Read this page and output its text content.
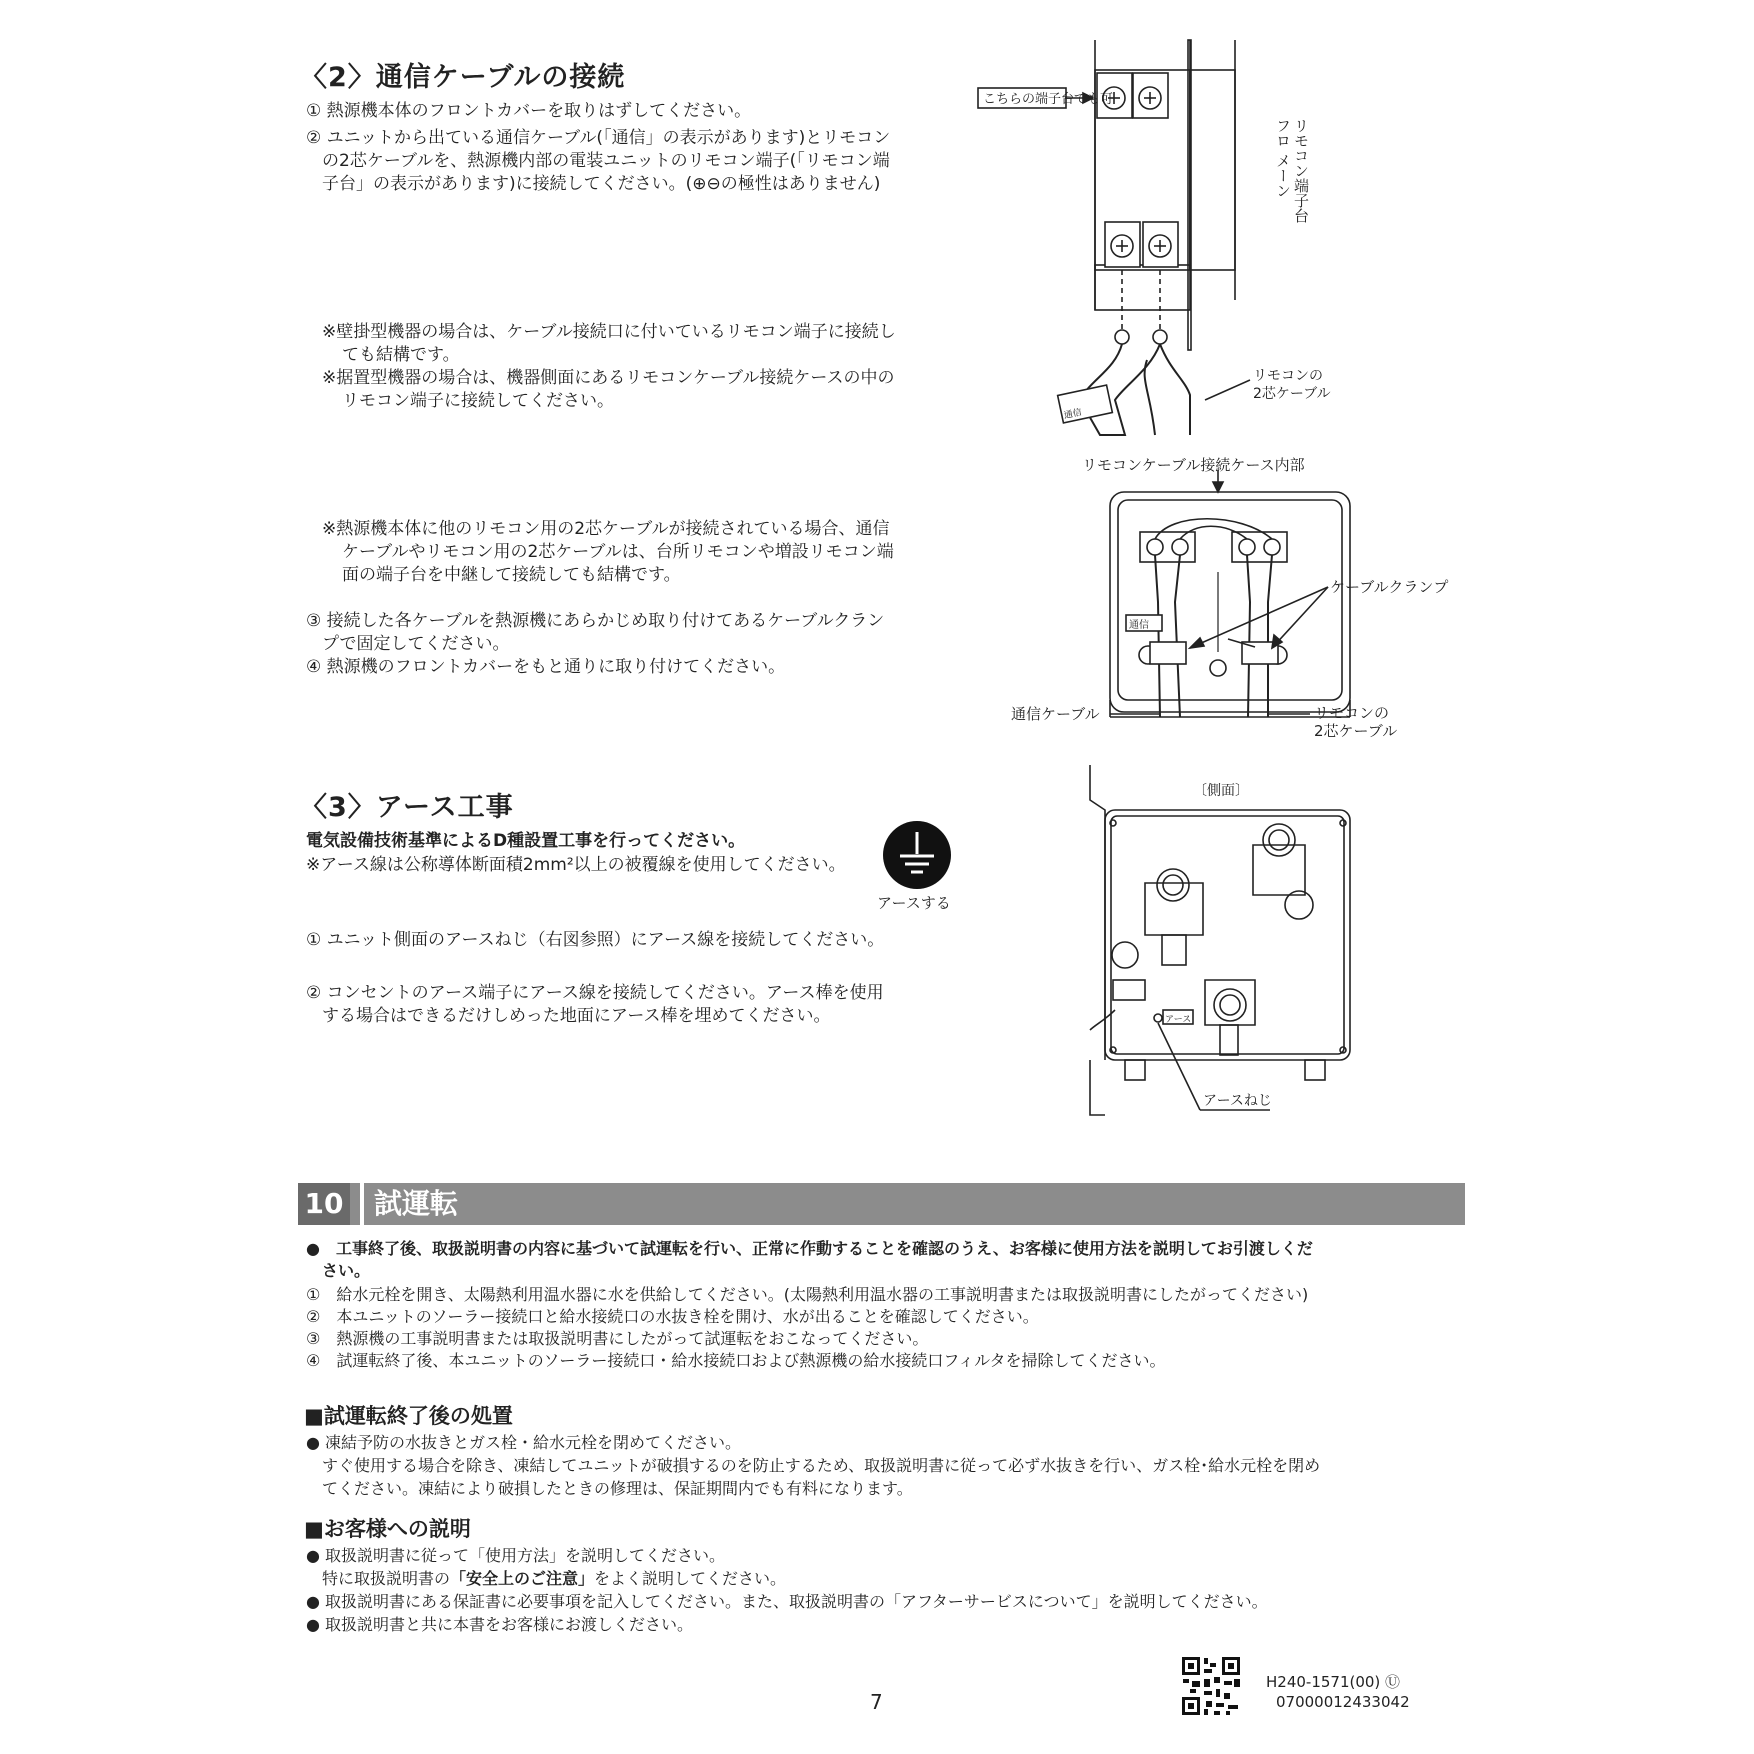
〈2〉通信ケーブルの接続
① 熱源機本体のフロントカバーを取りはずしてください。
② ユニットから出ている通信ケーブル(「通信」の表示があります)とリモコン
の2芯ケーブルを、熱源機内部の電装ユニットのリモコン端子(「リモコン端
子台」の表示があります)に接続してください。(⊕⊖の極性はありません)
※壁掛型機器の場合は、ケーブル接続口に付いているリモコン端子に接続し
ても結構です。
※据置型機器の場合は、機器側面にあるリモコンケーブル接続ケースの中の
リモコン端子に接続してください。
※熱源機本体に他のリモコン用の2芯ケーブルが接続されている場合、通信
ケーブルやリモコン用の2芯ケーブルは、台所リモコンや増設リモコン端
面の端子台を中継して接続しても結構です。
③ 接続した各ケーブルを熱源機にあらかじめ取り付けてあるケーブルクラン
プで固定してください。
④ 熱源機のフロントカバーをもと通りに取り付けてください。
こちらの端子台でも可
通信
リモコンの
2芯ケーブル
リモコン端子台
フロ メーン
リモコンケーブル接続ケース内部
ケーブルクランプ
通信ケーブル	リモコンの
2芯ケーブル
通信
〈3〉アース工事
電気設備技術基準によるD種設置工事を行ってください。
※アース線は公称導体断面積2mm²以上の被覆線を使用してください。
アースする
① ユニット側面のアースねじ（右図参照）にアース線を接続してください。
② コンセントのアース端子にアース線を接続してください。アース棒を使用
する場合はできるだけしめった地面にアース棒を埋めてください。
〔側面〕
アース
アースねじ
10	試運転
●　工事終了後、取扱説明書の内容に基づいて試運転を行い、正常に作動することを確認のうえ、お客様に使用方法を説明してお引渡しくだ
さい。
①　給水元栓を開き、太陽熱利用温水器に水を供給してください。(太陽熱利用温水器の工事説明書または取扱説明書にしたがってください)
②　本ユニットのソーラー接続口と給水接続口の水抜き栓を開け、水が出ることを確認してください。
③　熱源機の工事説明書または取扱説明書にしたがって試運転をおこなってください。
④　試運転終了後、本ユニットのソーラー接続口・給水接続口および熱源機の給水接続口フィルタを掃除してください。
■試運転終了後の処置
● 凍結予防の水抜きとガス栓・給水元栓を閉めてください。
すぐ使用する場合を除き、凍結してユニットが破損するのを防止するため、取扱説明書に従って必ず水抜きを行い、ガス栓･給水元栓を閉め
てください。凍結により破損したときの修理は、保証期間内でも有料になります。
■お客様への説明
● 取扱説明書に従って「使用方法」を説明してください。
特に取扱説明書の「安全上のご注意」をよく説明してください。
● 取扱説明書にある保証書に必要事項を記入してください。また、取扱説明書の「アフターサービスについて」を説明してください。
● 取扱説明書と共に本書をお客様にお渡しください。
H240-1571(00) Ⓤ
07000012433042
7
